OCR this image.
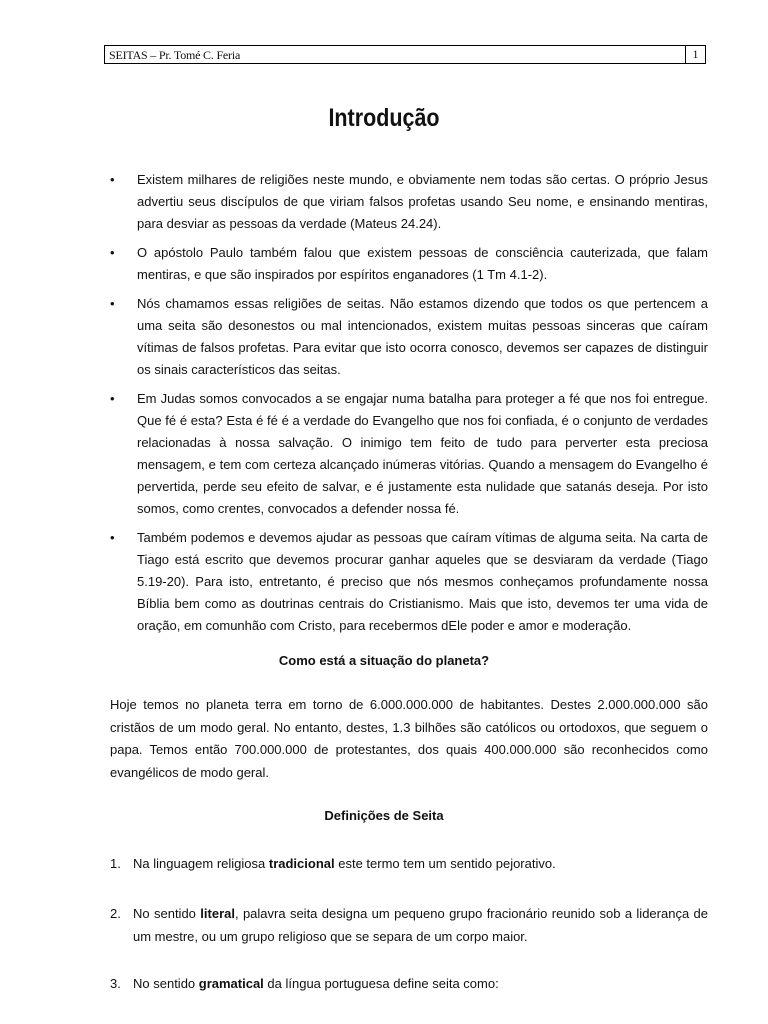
SEITAS – Pr. Tomé C. Feria	1
Introdução
• Existem milhares de religiões neste mundo, e obviamente nem todas são certas. O próprio Jesus advertiu seus discípulos de que viriam falsos profetas usando Seu nome, e ensinando mentiras, para desviar as pessoas da verdade (Mateus 24.24).
• O apóstolo Paulo também falou que existem pessoas de consciência cauterizada, que falam mentiras, e que são inspirados por espíritos enganadores (1 Tm 4.1-2).
• Nós chamamos essas religiões de seitas. Não estamos dizendo que todos os que pertencem a uma seita são desonestos ou mal intencionados, existem muitas pessoas sinceras que caíram vítimas de falsos profetas. Para evitar que isto ocorra conosco, devemos ser capazes de distinguir os sinais característicos das seitas.
• Em Judas somos convocados a se engajar numa batalha para proteger a fé que nos foi entregue. Que fé é esta? Esta é fé é a verdade do Evangelho que nos foi confiada, é o conjunto de verdades relacionadas à nossa salvação. O inimigo tem feito de tudo para perverter esta preciosa mensagem, e tem com certeza alcançado inúmeras vitórias. Quando a mensagem do Evangelho é pervertida, perde seu efeito de salvar, e é justamente esta nulidade que satanás deseja. Por isto somos, como crentes, convocados a defender nossa fé.
• Também podemos e devemos ajudar as pessoas que caíram vítimas de alguma seita. Na carta de Tiago está escrito que devemos procurar ganhar aqueles que se desviaram da verdade (Tiago 5.19-20). Para isto, entretanto, é preciso que nós mesmos conheçamos profundamente nossa Bíblia bem como as doutrinas centrais do Cristianismo. Mais que isto, devemos ter uma vida de oração, em comunhão com Cristo, para recebermos dEle poder e amor e moderação.
Como está a situação do planeta?

Hoje temos no planeta terra em torno de 6.000.000.000 de habitantes. Destes 2.000.000.000 são cristãos de um modo geral. No entanto, destes, 1.3 bilhões são católicos ou ortodoxos, que seguem o papa. Temos então 700.000.000 de protestantes, dos quais 400.000.000 são reconhecidos como evangélicos de modo geral.

Definições de Seita

1. Na linguagem religiosa tradicional este termo tem um sentido pejorativo.

2. No sentido literal, palavra seita designa um pequeno grupo fracionário reunido sob a liderança de um mestre, ou um grupo religioso que se separa de um corpo maior.

3. No sentido gramatical da língua portuguesa define seita como:
